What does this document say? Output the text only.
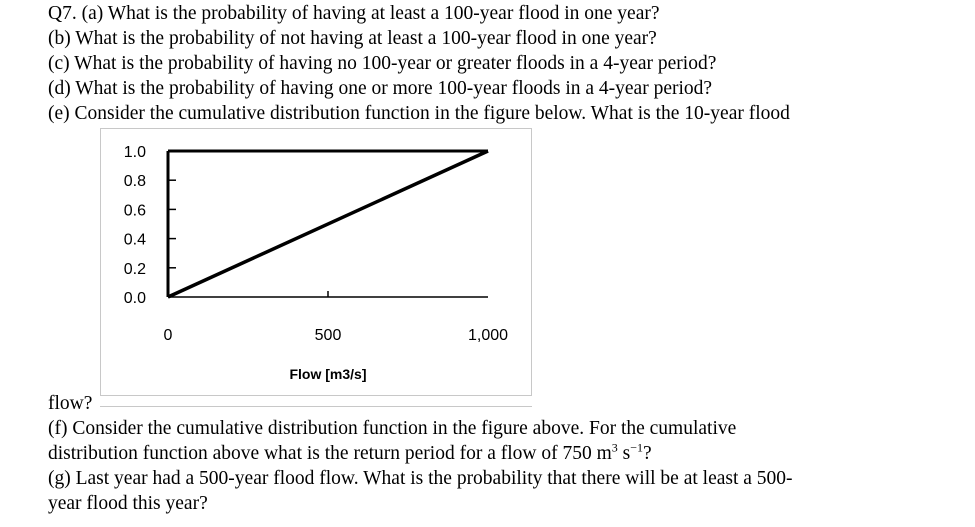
Q7. (a) What is the probability of having at least a 100-year flood in one year?
(b) What is the probability of not having at least a 100-year flood in one year?
(c) What is the probability of having no 100-year or greater floods in a 4-year period?
(d) What is the probability of having one or more 100-year floods in a 4-year period?
(e) Consider the cumulative distribution function in the figure below. What is the 10-year flood
1.0
0.8
0.6
0.4
0.2
0.0
0	500	1,000
Flow [m3/s]
flow?
(f) Consider the cumulative distribution function in the figure above. For the cumulative
distribution function above what is the return period for a flow of 750 $m^3$ $s^{-1}$?
(g) Last year had a 500-year flood flow. What is the probability that there will be at least a 500-
year flood this year?
